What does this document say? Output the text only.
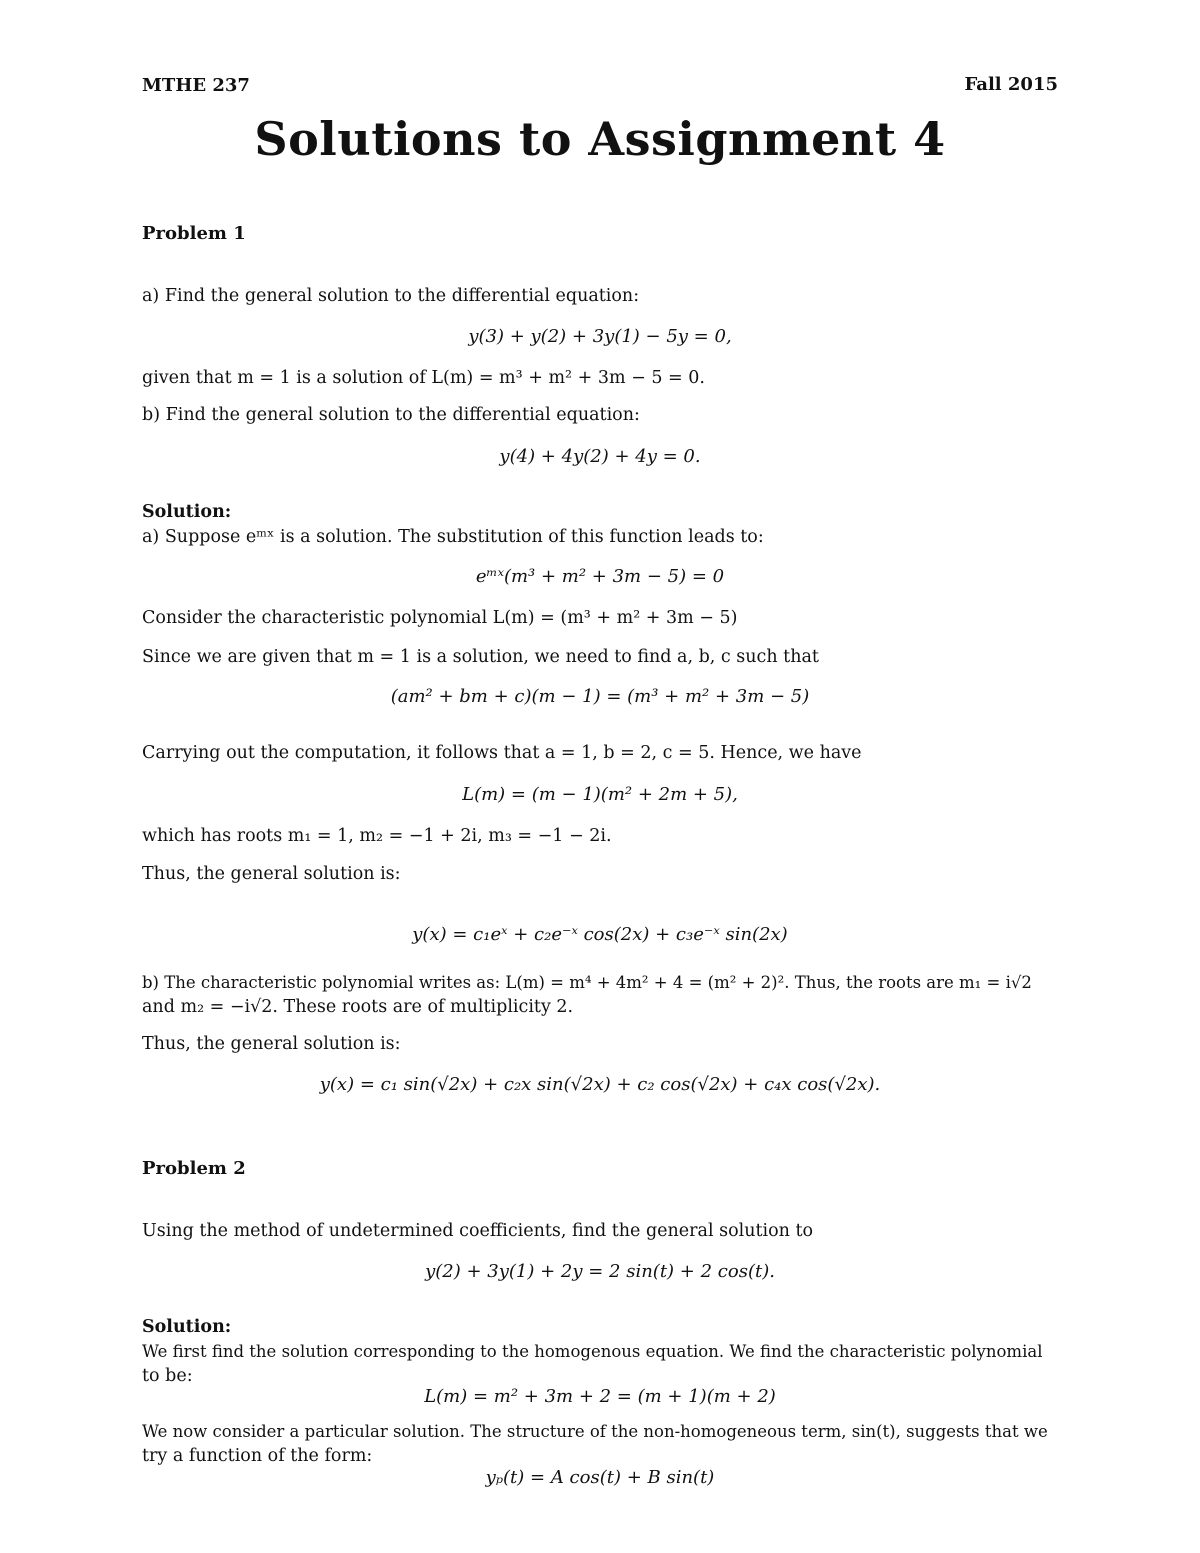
MTHE 237	Fall 2015
Solutions to Assignment 4
Problem 1
a) Find the general solution to the differential equation:
y(3) + y(2) + 3y(1) − 5y = 0,
given that m = 1 is a solution of L(m) = m³ + m² + 3m − 5 = 0.
b) Find the general solution to the differential equation:
y(4) + 4y(2) + 4y = 0.
Solution:
a) Suppose eᵐˣ is a solution. The substitution of this function leads to:
eᵐˣ(m³ + m² + 3m − 5) = 0
Consider the characteristic polynomial L(m) = (m³ + m² + 3m − 5)
Since we are given that m = 1 is a solution, we need to find a, b, c such that
(am² + bm + c)(m − 1) = (m³ + m² + 3m − 5)
Carrying out the computation, it follows that a = 1, b = 2, c = 5. Hence, we have
L(m) = (m − 1)(m² + 2m + 5),
which has roots m₁ = 1, m₂ = −1 + 2i, m₃ = −1 − 2i.
Thus, the general solution is:
y(x) = c₁eˣ + c₂e⁻ˣ cos(2x) + c₃e⁻ˣ sin(2x)
b) The characteristic polynomial writes as: L(m) = m⁴ + 4m² + 4 = (m² + 2)². Thus, the roots are m₁ = i√2
and m₂ = −i√2. These roots are of multiplicity 2.
Thus, the general solution is:
y(x) = c₁ sin(√2x) + c₂x sin(√2x) + c₂ cos(√2x) + c₄x cos(√2x).
Problem 2
Using the method of undetermined coefficients, find the general solution to
y(2) + 3y(1) + 2y = 2 sin(t) + 2 cos(t).
Solution:
We first find the solution corresponding to the homogenous equation. We find the characteristic polynomial
to be:
L(m) = m² + 3m + 2 = (m + 1)(m + 2)
We now consider a particular solution. The structure of the non-homogeneous term, sin(t), suggests that we
try a function of the form:
yₚ(t) = A cos(t) + B sin(t)
